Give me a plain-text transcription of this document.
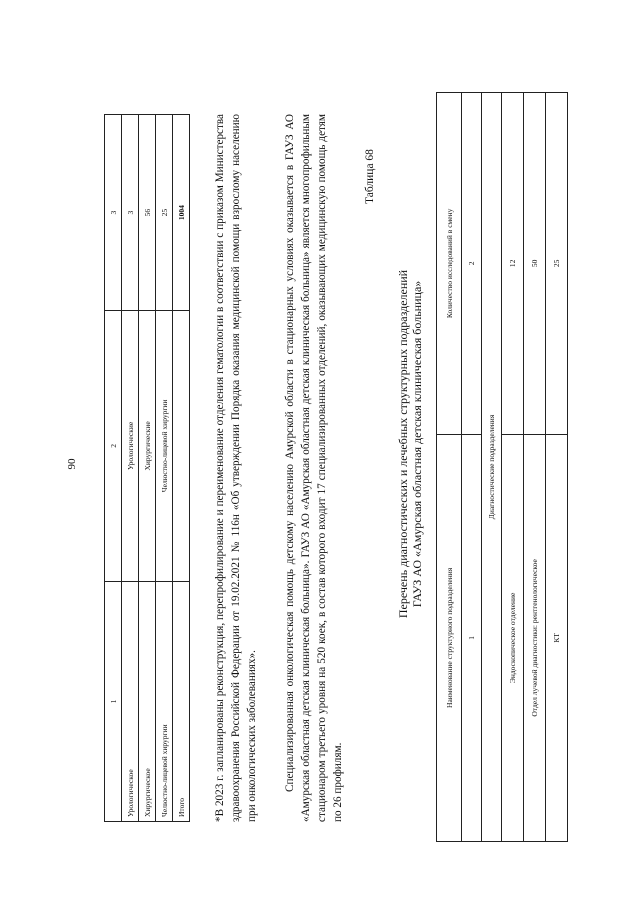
90
1	2	3
Урологическое	Урологические	3
Хирургическое	Хирургические	56
Челюстно-лицевой хирургии	Челюстно-лицевой хирургии	25
Итого		1004	*В 2023 г. запланированы реконструкция, перепрофилирование и переименование отделения гематологии в соответствии с приказом Министерства здравоохранения Российской Федерации от 19.02.2021 № 116н «Об утверждении Порядка оказания медицинской помощи взрослому населению при онкологических заболеваниях». Специализированная онкологическая помощь детскому населению Амурской области в стационарных условиях оказывается в ГАУЗ АО «Амурская областная детская клиническая больница». ГАУЗ АО «Амурская областная детская клиническая больница» является многопрофильным стационаром третьего уровня на 520 коек, в состав которого входит 17 специализированных отделений, оказывающих медицинскую помощь детям по 26 профилям.
Таблица 68
Перечень диагностических и лечебных структурных подразделений ГАУЗ АО «Амурская областная детская клиническая больница»
Наименование структурного подразделения	Количество исследований в смену
1	2
Диагностические подразделения	
Эндоскопическое отделение	12
Отдел лучевой диагностики: рентгенологическое	50
КТ	25
